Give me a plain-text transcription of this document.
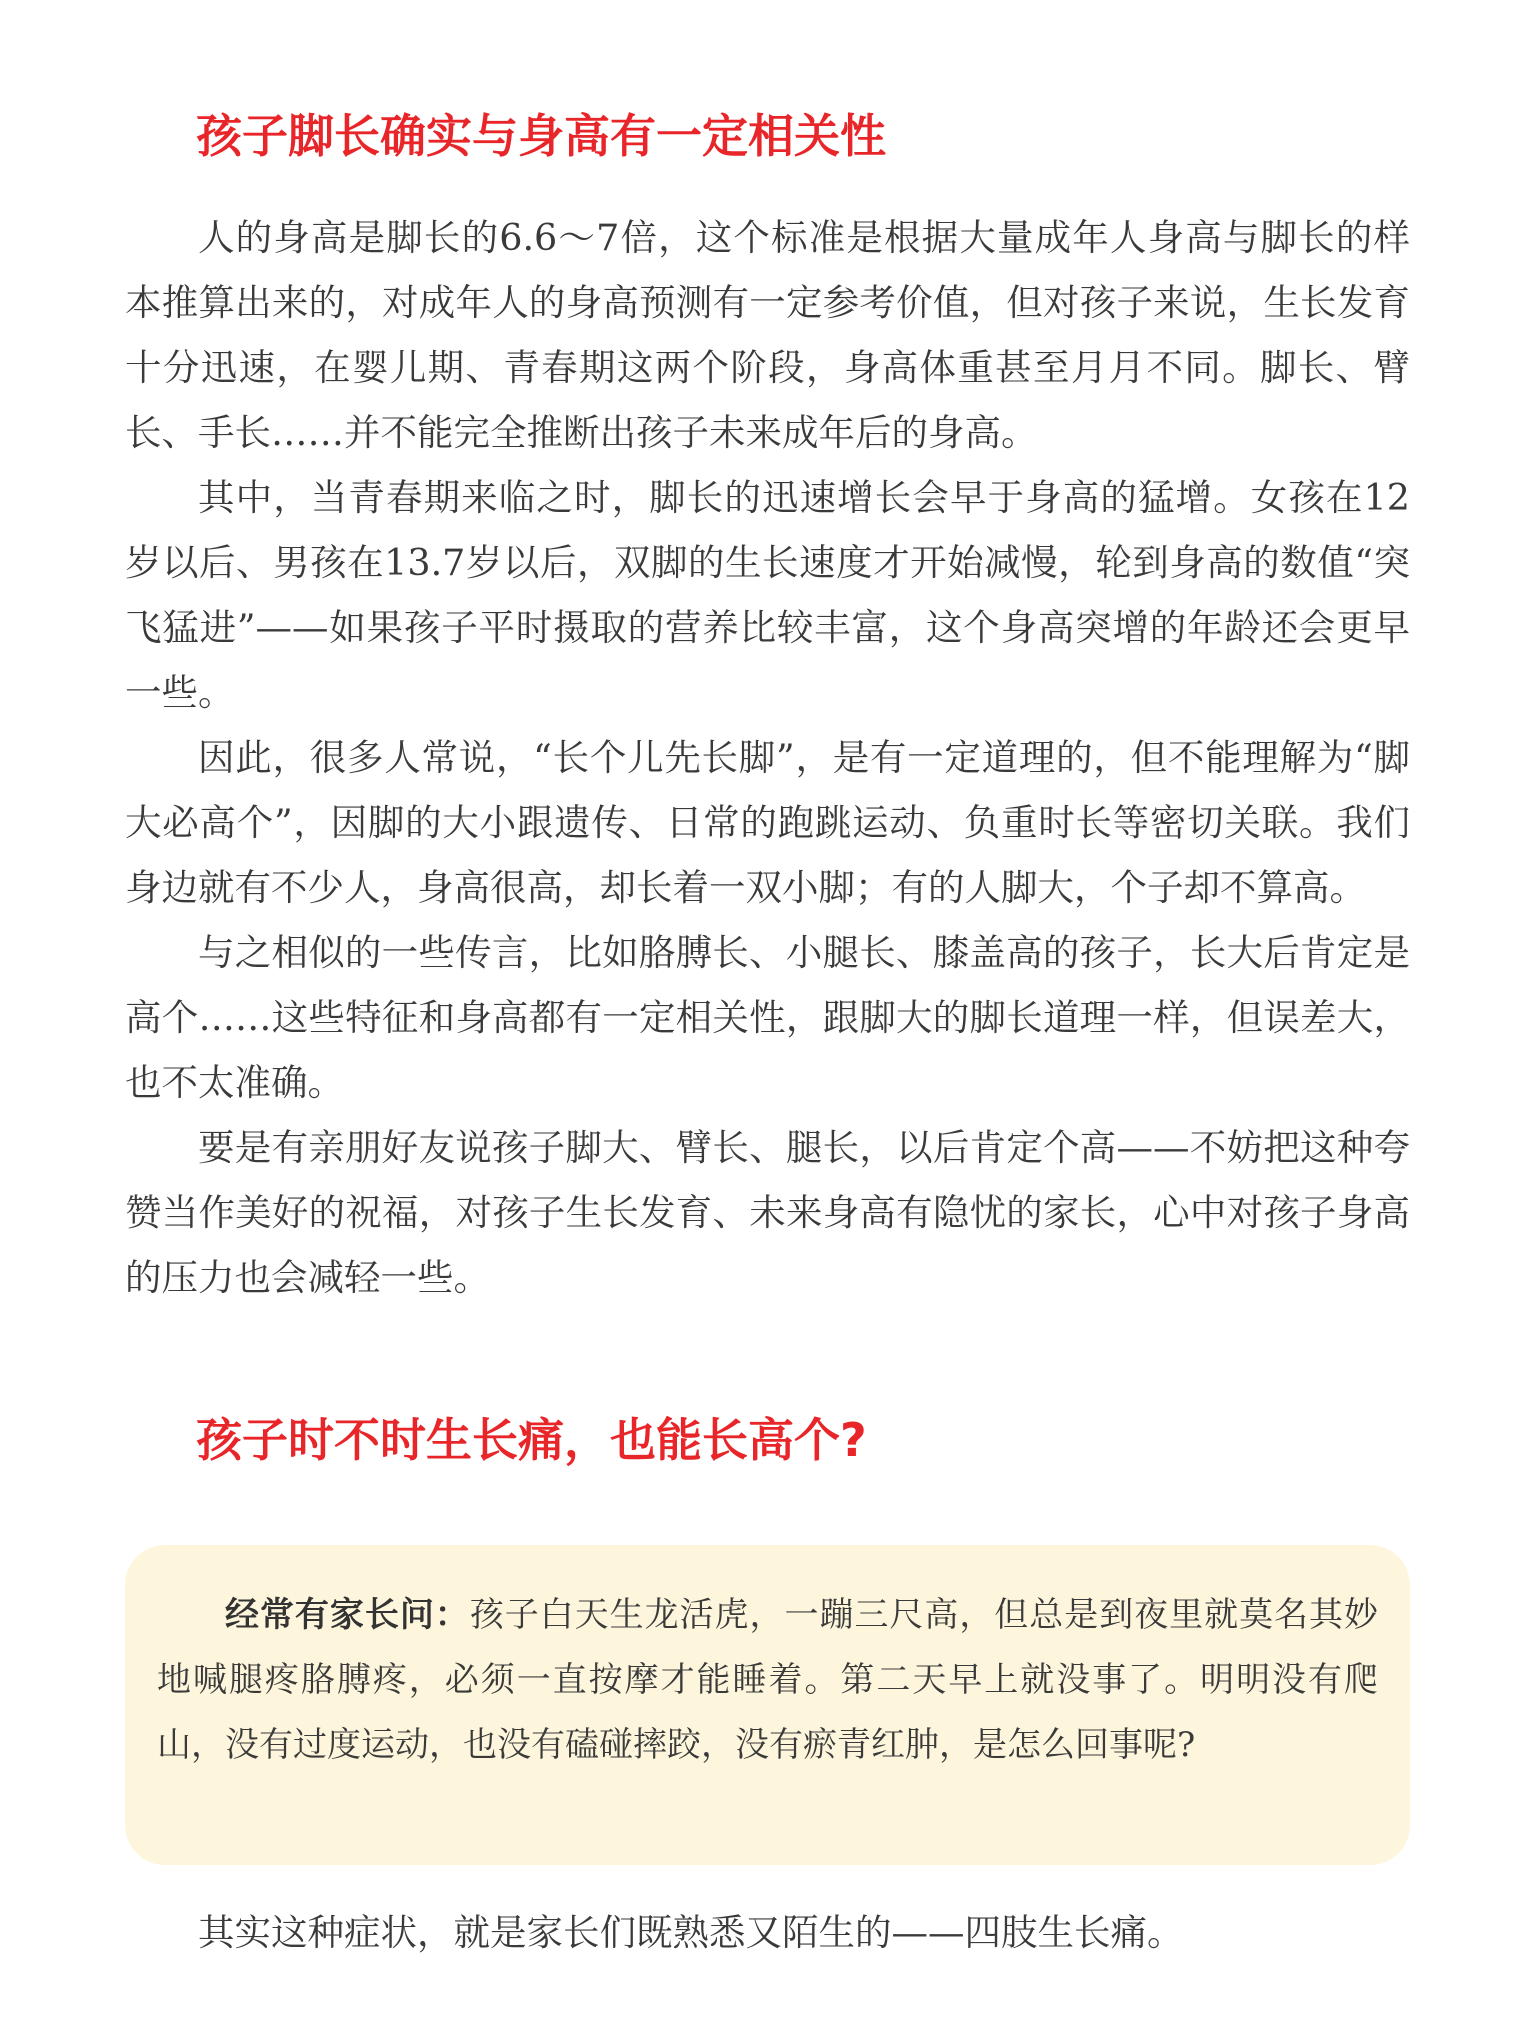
孩子脚长确实与身高有一定相关性

人的身高是脚长的6.6～7倍，这个标准是根据大量成年人身高与脚长的样本推算出来的，对成年人的身高预测有一定参考价值，但对孩子来说，生长发育十分迅速，在婴儿期、青春期这两个阶段，身高体重甚至月月不同。脚长、臂长、手长……并不能完全推断出孩子未来成年后的身高。

其中，当青春期来临之时，脚长的迅速增长会早于身高的猛增。女孩在12岁以后、男孩在13.7岁以后，双脚的生长速度才开始减慢，轮到身高的数值“突飞猛进”——如果孩子平时摄取的营养比较丰富，这个身高突增的年龄还会更早一些。

因此，很多人常说，“长个儿先长脚”，是有一定道理的，但不能理解为“脚大必高个”，因脚的大小跟遗传、日常的跑跳运动、负重时长等密切关联。我们身边就有不少人，身高很高，却长着一双小脚；有的人脚大，个子却不算高。

与之相似的一些传言，比如胳膊长、小腿长、膝盖高的孩子，长大后肯定是高个……这些特征和身高都有一定相关性，跟脚大的脚长道理一样，但误差大，也不太准确。

要是有亲朋好友说孩子脚大、臂长、腿长，以后肯定个高——不妨把这种夸赞当作美好的祝福，对孩子生长发育、未来身高有隐忧的家长，心中对孩子身高的压力也会减轻一些。

孩子时不时生长痛，也能长高个?

经常有家长问：孩子白天生龙活虎，一蹦三尺高，但总是到夜里就莫名其妙地喊腿疼胳膊疼，必须一直按摩才能睡着。第二天早上就没事了。明明没有爬山，没有过度运动，也没有磕碰摔跤，没有瘀青红肿，是怎么回事呢?

其实这种症状，就是家长们既熟悉又陌生的——四肢生长痛。
